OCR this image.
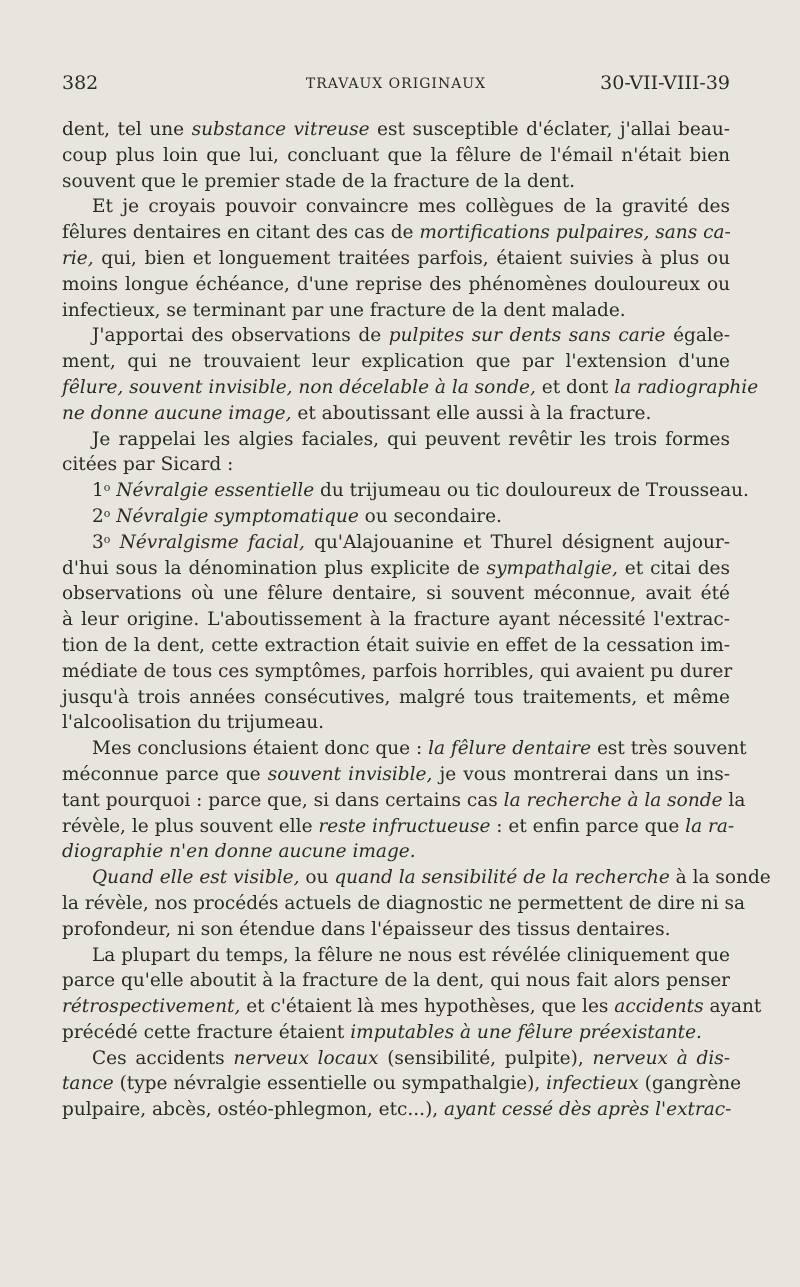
382	TRAVAUX ORIGINAUX	30-VII-VIII-39
dent, tel une substance vitreuse est susceptible d'éclater, j'allai beau-
coup plus loin que lui, concluant que la fêlure de l'émail n'était bien
souvent que le premier stade de la fracture de la dent.
Et je croyais pouvoir convaincre mes collègues de la gravité des
fêlures dentaires en citant des cas de mortifications pulpaires, sans ca-
rie, qui, bien et longuement traitées parfois, étaient suivies à plus ou
moins longue échéance, d'une reprise des phénomènes douloureux ou
infectieux, se terminant par une fracture de la dent malade.
J'apportai des observations de pulpites sur dents sans carie égale-
ment, qui ne trouvaient leur explication que par l'extension d'une
fêlure, souvent invisible, non décelable à la sonde, et dont la radiographie
ne donne aucune image, et aboutissant elle aussi à la fracture.
Je rappelai les algies faciales, qui peuvent revêtir les trois formes
citées par Sicard :
1$^o$ Névralgie essentielle du trijumeau ou tic douloureux de Trousseau.
2$^o$ Névralgie symptomatique ou secondaire.
3$^o$ Névralgisme facial, qu'Alajouanine et Thurel désignent aujour-
d'hui sous la dénomination plus explicite de sympathalgie, et citai des
observations où une fêlure dentaire, si souvent méconnue, avait été
à leur origine. L'aboutissement à la fracture ayant nécessité l'extrac-
tion de la dent, cette extraction était suivie en effet de la cessation im-
médiate de tous ces symptômes, parfois horribles, qui avaient pu durer
jusqu'à trois années consécutives, malgré tous traitements, et même
l'alcoolisation du trijumeau.
Mes conclusions étaient donc que : la fêlure dentaire est très souvent
méconnue parce que souvent invisible, je vous montrerai dans un ins-
tant pourquoi : parce que, si dans certains cas la recherche à la sonde la
révèle, le plus souvent elle reste infructueuse : et enfin parce que la ra-
diographie n'en donne aucune image.
Quand elle est visible, ou quand la sensibilité de la recherche à la sonde
la révèle, nos procédés actuels de diagnostic ne permettent de dire ni sa
profondeur, ni son étendue dans l'épaisseur des tissus dentaires.
La plupart du temps, la fêlure ne nous est révélée cliniquement que
parce qu'elle aboutit à la fracture de la dent, qui nous fait alors penser
rétrospectivement, et c'étaient là mes hypothèses, que les accidents ayant
précédé cette fracture étaient imputables à une fêlure préexistante.
Ces accidents nerveux locaux (sensibilité, pulpite), nerveux à dis-
tance (type névralgie essentielle ou sympathalgie), infectieux (gangrène
pulpaire, abcès, ostéo-phlegmon, etc...), ayant cessé dès après l'extrac-
